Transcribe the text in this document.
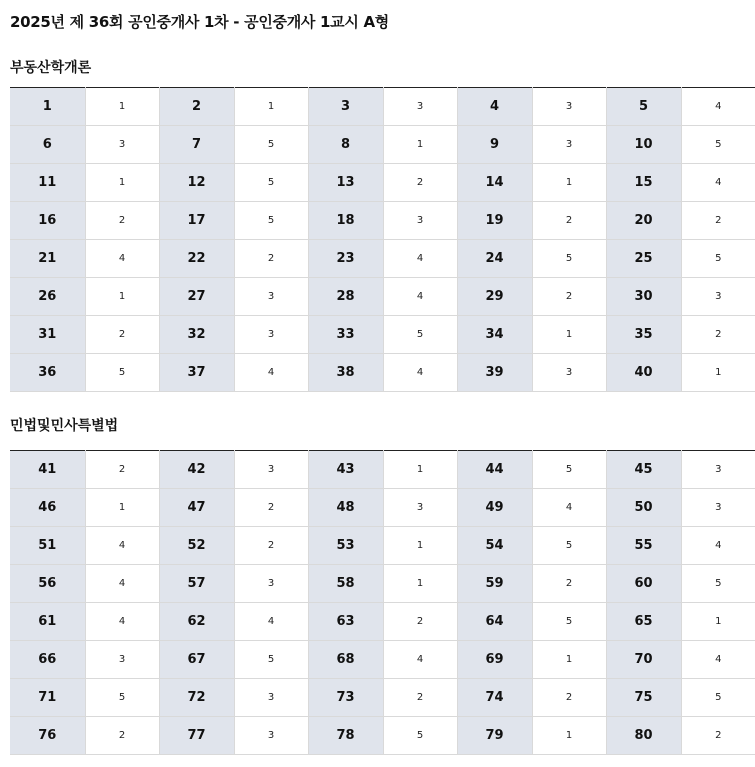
2025년 제 36회 공인중개사 1차 - 공인중개사 1교시 A형
부동산학개론
1	1	2	1	3	3	4	3	5	4
6	3	7	5	8	1	9	3	10	5
11	1	12	5	13	2	14	1	15	4
16	2	17	5	18	3	19	2	20	2
21	4	22	2	23	4	24	5	25	5
26	1	27	3	28	4	29	2	30	3
31	2	32	3	33	5	34	1	35	2
36	5	37	4	38	4	39	3	40	1
민법및민사특별법
41	2	42	3	43	1	44	5	45	3
46	1	47	2	48	3	49	4	50	3
51	4	52	2	53	1	54	5	55	4
56	4	57	3	58	1	59	2	60	5
61	4	62	4	63	2	64	5	65	1
66	3	67	5	68	4	69	1	70	4
71	5	72	3	73	2	74	2	75	5
76	2	77	3	78	5	79	1	80	2
